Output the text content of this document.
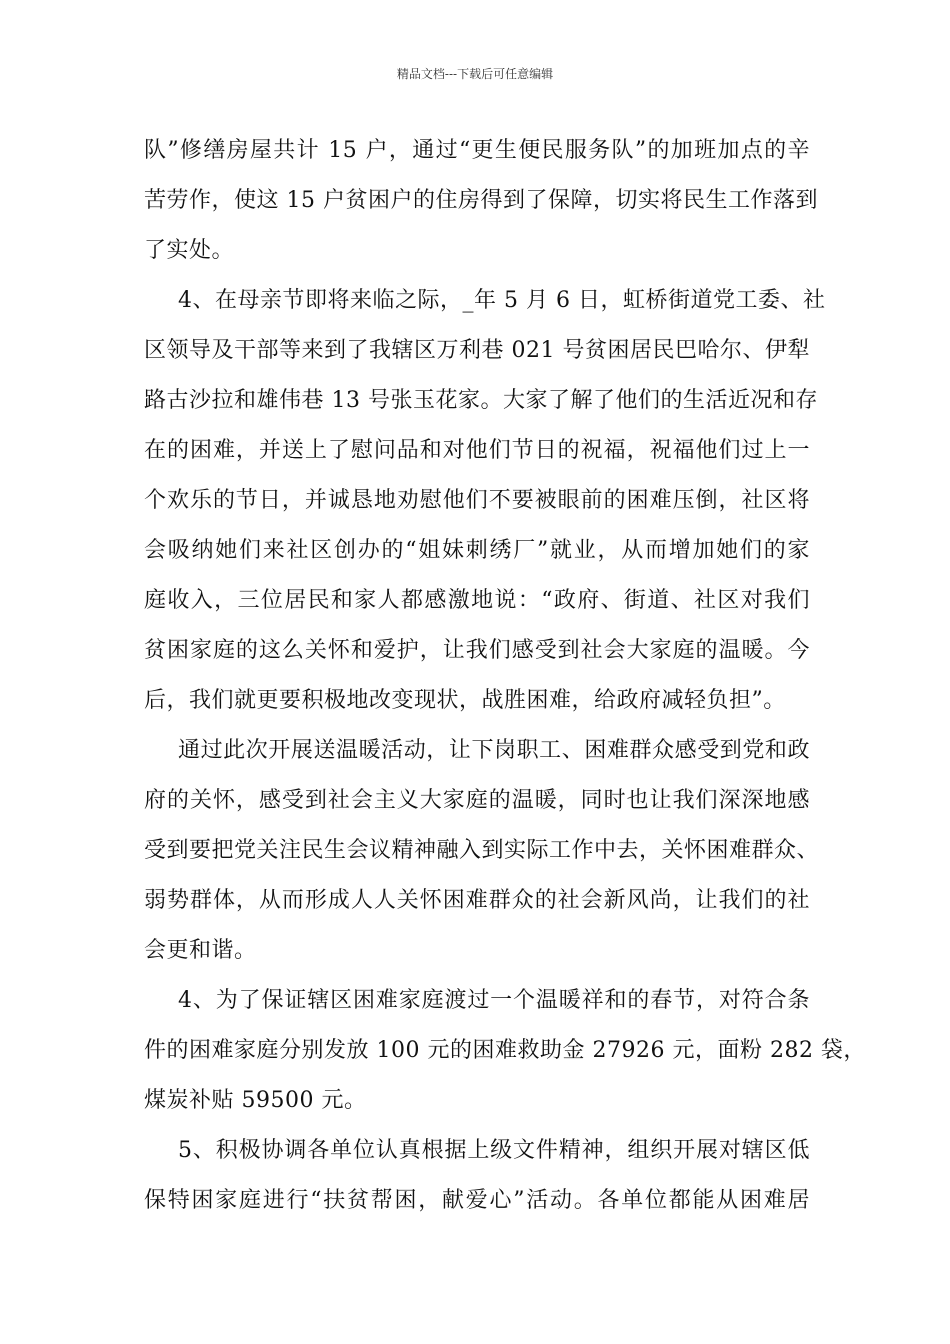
精品文档---下载后可任意编辑
队”修缮房屋共计 15 户，通过“更生便民服务队”的加班加点的辛
苦劳作，使这 15 户贫困户的住房得到了保障，切实将民生工作落到
了实处。
4、在母亲节即将来临之际，_年 5 月 6 日，虹桥街道党工委、社
区领导及干部等来到了我辖区万利巷 021 号贫困居民巴哈尔、伊犁
路古沙拉和雄伟巷 13 号张玉花家。大家了解了他们的生活近况和存
在的困难，并送上了慰问品和对他们节日的祝福，祝福他们过上一
个欢乐的节日，并诚恳地劝慰他们不要被眼前的困难压倒，社区将
会吸纳她们来社区创办的“姐妹刺绣厂”就业，从而增加她们的家
庭收入，三位居民和家人都感激地说：“政府、街道、社区对我们
贫困家庭的这么关怀和爱护，让我们感受到社会大家庭的温暖。今
后，我们就更要积极地改变现状，战胜困难，给政府减轻负担”。
通过此次开展送温暖活动，让下岗职工、困难群众感受到党和政
府的关怀，感受到社会主义大家庭的温暖，同时也让我们深深地感
受到要把党关注民生会议精神融入到实际工作中去，关怀困难群众、
弱势群体，从而形成人人关怀困难群众的社会新风尚，让我们的社
会更和谐。
4、为了保证辖区困难家庭渡过一个温暖祥和的春节，对符合条
件的困难家庭分别发放 100 元的困难救助金 27926 元，面粉 282 袋，
煤炭补贴 59500 元。
5、积极协调各单位认真根据上级文件精神，组织开展对辖区低
保特困家庭进行“扶贫帮困，献爱心”活动。各单位都能从困难居
